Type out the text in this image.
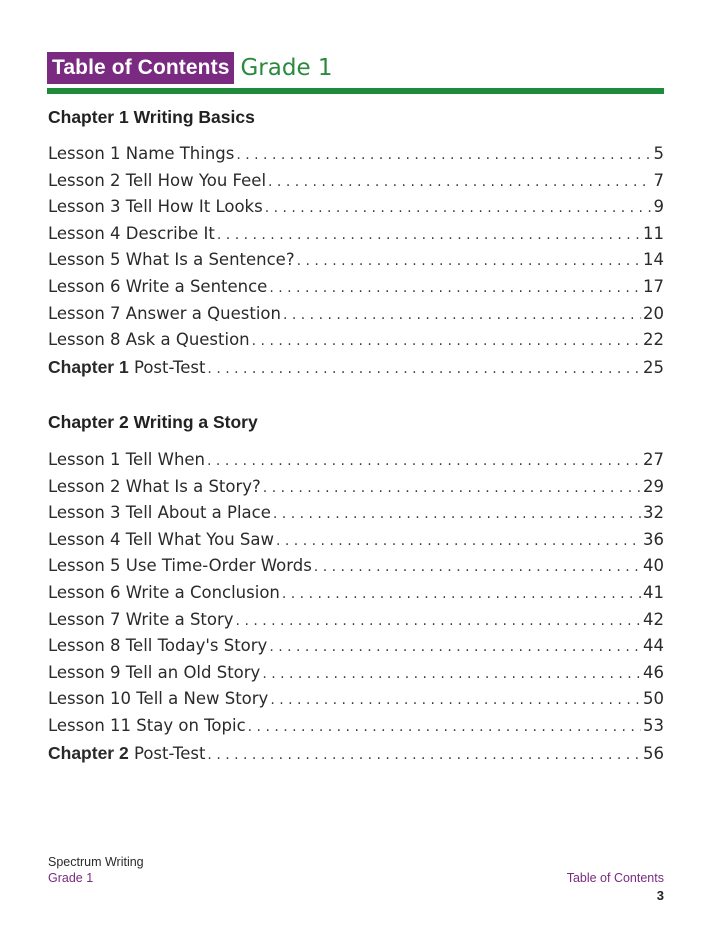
Table of Contents Grade 1
Chapter 1 Writing Basics
Lesson 1 Name Things . . .	5
Lesson 2 Tell How You Feel . . .	7
Lesson 3 Tell How It Looks . . .	9
Lesson 4 Describe It . . .	11
Lesson 5 What Is a Sentence? . . .	14
Lesson 6 Write a Sentence . . .	17
Lesson 7 Answer a Question . . .	20
Lesson 8 Ask a Question . . .	22
Chapter 1 Post-Test . . .	25
Chapter 2 Writing a Story
Lesson 1 Tell When . . .	27
Lesson 2 What Is a Story? . . .	29
Lesson 3 Tell About a Place . . .	32
Lesson 4 Tell What You Saw . . .	36
Lesson 5 Use Time-Order Words . . .	40
Lesson 6 Write a Conclusion . . .	41
Lesson 7 Write a Story . . .	42
Lesson 8 Tell Today's Story . . .	44
Lesson 9 Tell an Old Story . . .	46
Lesson 10 Tell a New Story . . .	50
Lesson 11 Stay on Topic . . .	53
Chapter 2 Post-Test . . .	56
Spectrum Writing
Grade 1	Table of Contents
3
